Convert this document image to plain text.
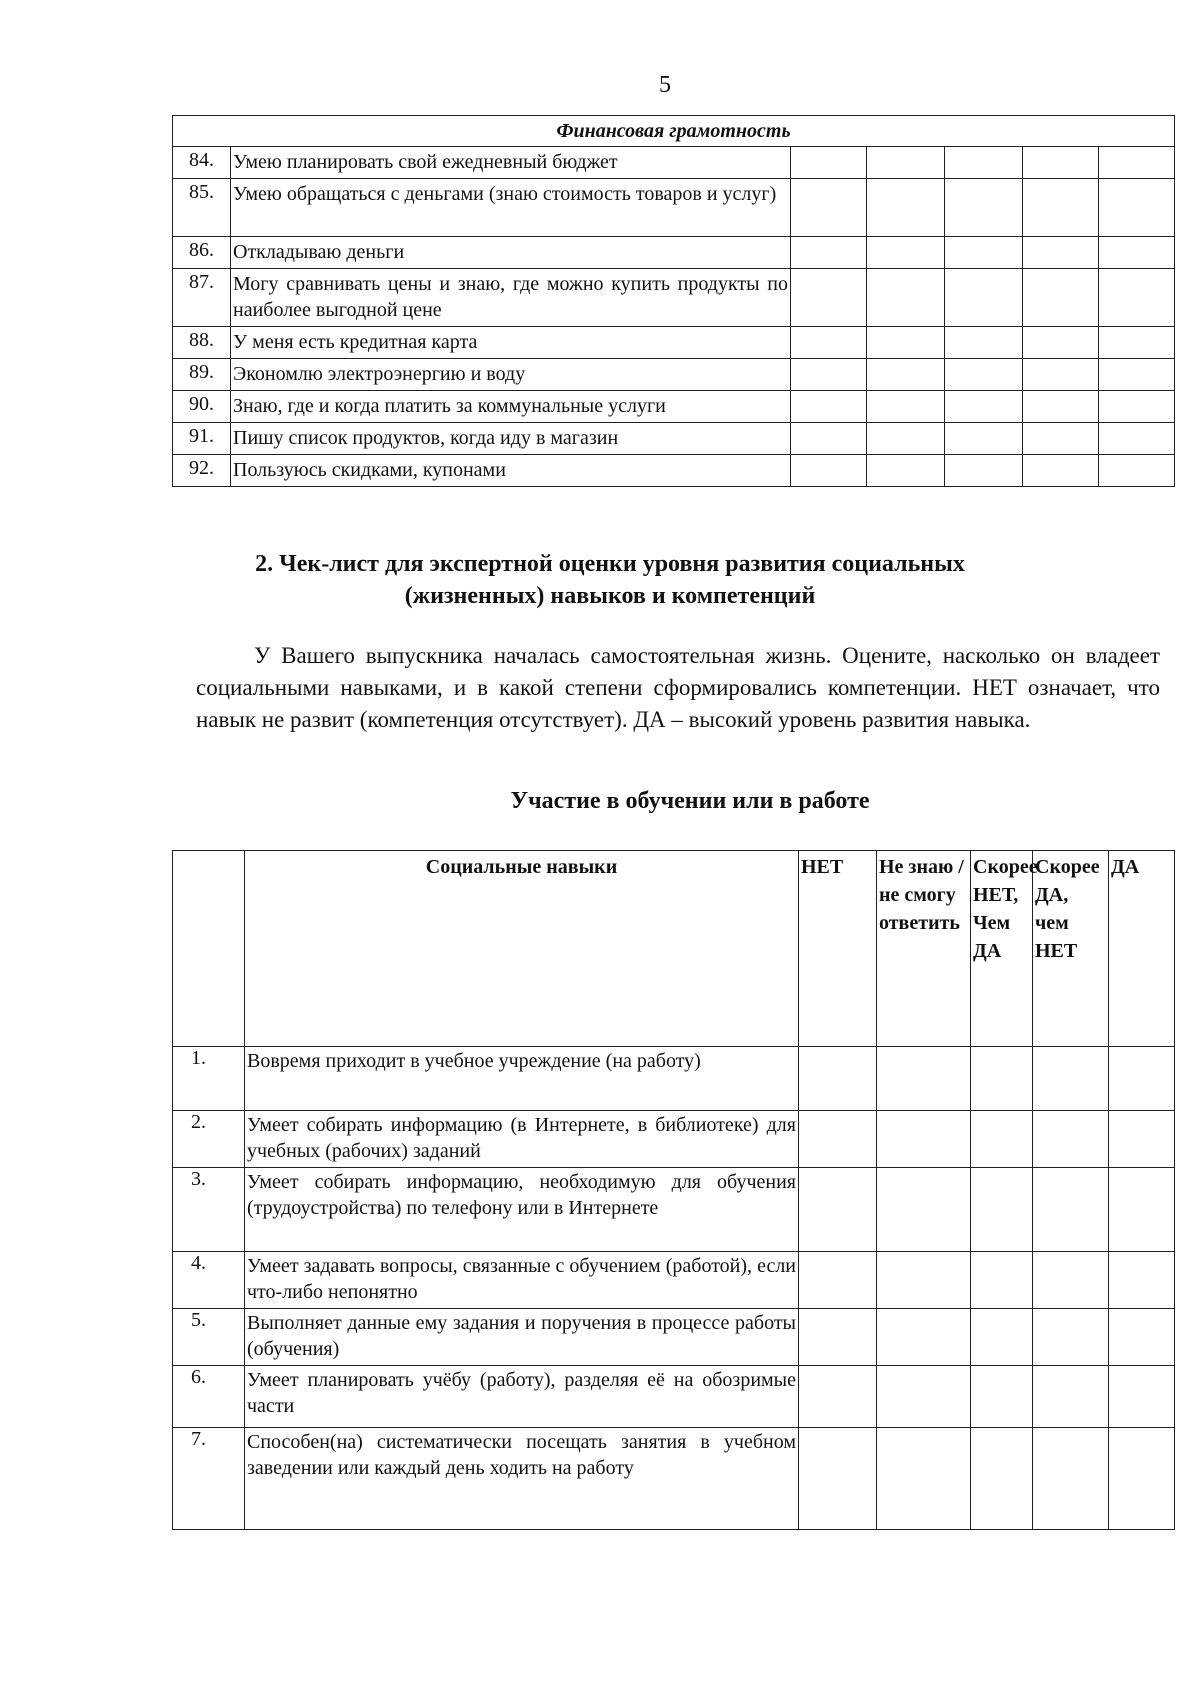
5
Финансовая грамотность						
84.	Умею планировать свой ежедневный бюджет					
85.	Умею обращаться с деньгами (знаю стоимость товаров и услуг)					
86.	Откладываю деньги					
87.	Могу сравнивать цены и знаю, где можно купить продукты по наиболее выгодной цене					
88.	У меня есть кредитная карта					
89.	Экономлю электроэнергию и воду					
90.	Знаю, где и когда платить за коммунальные услуги					
91.	Пишу список продуктов, когда иду в магазин					
92.	Пользуюсь скидками, купонами					
2. Чек-лист для экспертной оценки уровня развития социальных
(жизненных) навыков и компетенций

У Вашего выпускника началась самостоятельная жизнь. Оцените, насколько он владеет социальными навыками, и в какой степени сформировались компетенции. НЕТ означает, что навык не развит (компетенция отсутствует). ДА – высокий уровень развития навыка.

Участие в обучении или в работе
	Социальные навыки	НЕТ	Не знаю /не смогу ответить	Скорее НЕТ, Чем ДА	Скорее ДА, чем НЕТ	ДА
1.	Вовремя приходит в учебное учреждение (на работу)					
2.	Умеет собирать информацию (в Интернете, в библиотеке) для учебных (рабочих) заданий					
3.	Умеет собирать информацию, необходимую для обучения (трудоустройства) по телефону или в Интернете					
4.	Умеет задавать вопросы, связанные с обучением (работой), если что-либо непонятно					
5.	Выполняет данные ему задания и поручения в процессе работы (обучения)					
6.	Умеет планировать учёбу (работу), разделяя её на обозримые части					
7.	Способен(на) систематически посещать занятия в учебном заведении или каждый день ходить на работу					
